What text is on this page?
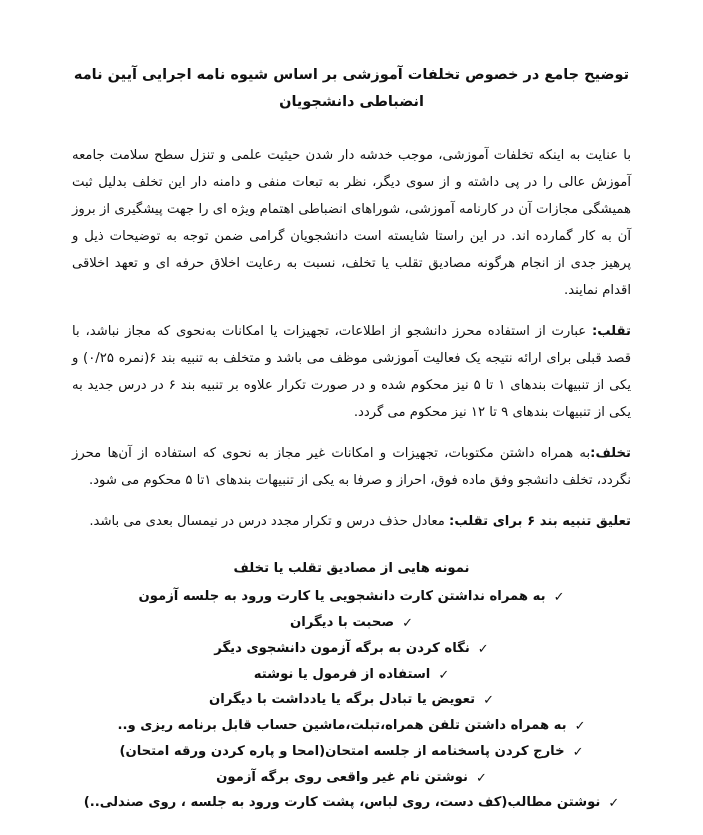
توضیح جامع در خصوص تخلفات آموزشی بر اساس شیوه نامه اجرایی آیین نامه انضباطی دانشجویان

با عنایت به اینکه تخلفات آموزشی، موجب خدشه دار شدن حیثیت علمی و تنزل سطح سلامت جامعه آموزش عالی را در پی داشته و از سوی دیگر، نظر به تبعات منفی و دامنه دار این تخلف بدلیل ثبت همیشگی مجازات آن در کارنامه آموزشی، شوراهای انضباطی اهتمام ویژه ای را جهت پیشگیری از بروز آن به کار گمارده اند. در این راستا شایسته است دانشجویان گرامی ضمن توجه به توضیحات ذیل و پرهیز جدی از انجام هرگونه مصادیق تقلب یا تخلف، نسبت به رعایت اخلاق حرفه ای و تعهد اخلاقی اقدام نمایند.

تقلب: عبارت از استفاده محرز دانشجو از اطلاعات، تجهیزات یا امکانات به‌نحوی که مجاز نباشد، با قصد قبلی برای ارائه نتیجه یک فعالیت آموزشی موظف می باشد و متخلف به تنبیه بند ۶(نمره ۰/۲۵) و یکی از تنبیهات بندهای ۱ تا ۵ نیز محکوم شده و در صورت تکرار علاوه بر تنبیه بند ۶ در درس جدید به یکی از تنبیهات بندهای ۹ تا ۱۲ نیز محکوم می گردد.

تخلف:به همراه داشتن مکتوبات، تجهیزات و امکانات غیر مجاز به نحوی که استفاده از آن‌ها محرز نگردد، تخلف دانشجو وفق ماده فوق، احراز و صرفا به یکی از تنبیهات بندهای ۱تا ۵ محکوم می شود.

تعلیق تنبیه بند ۶ برای تقلب: معادل حذف درس و تکرار مجدد درس در نیمسال بعدی می باشد.

نمونه هایی از مصادیق تقلب یا تخلف
✓به همراه نداشتن کارت دانشجویی یا کارت ورود به جلسه آزمون
✓صحبت با دیگران
✓نگاه کردن به برگه آزمون دانشجوی دیگر
✓استفاده از فرمول یا نوشته
✓تعویض یا تبادل برگه یا یادداشت با دیگران
✓به همراه داشتن تلفن همراه،تبلت،ماشین حساب قابل برنامه ریزی و..
✓خارج کردن پاسخنامه از جلسه امتحان(امحا و پاره کردن ورقه امتحان)
✓نوشتن نام غیر واقعی روی برگه آزمون
✓نوشتن مطالب(کف دست، روی لباس، پشت کارت ورود به جلسه ، روی صندلی..)
